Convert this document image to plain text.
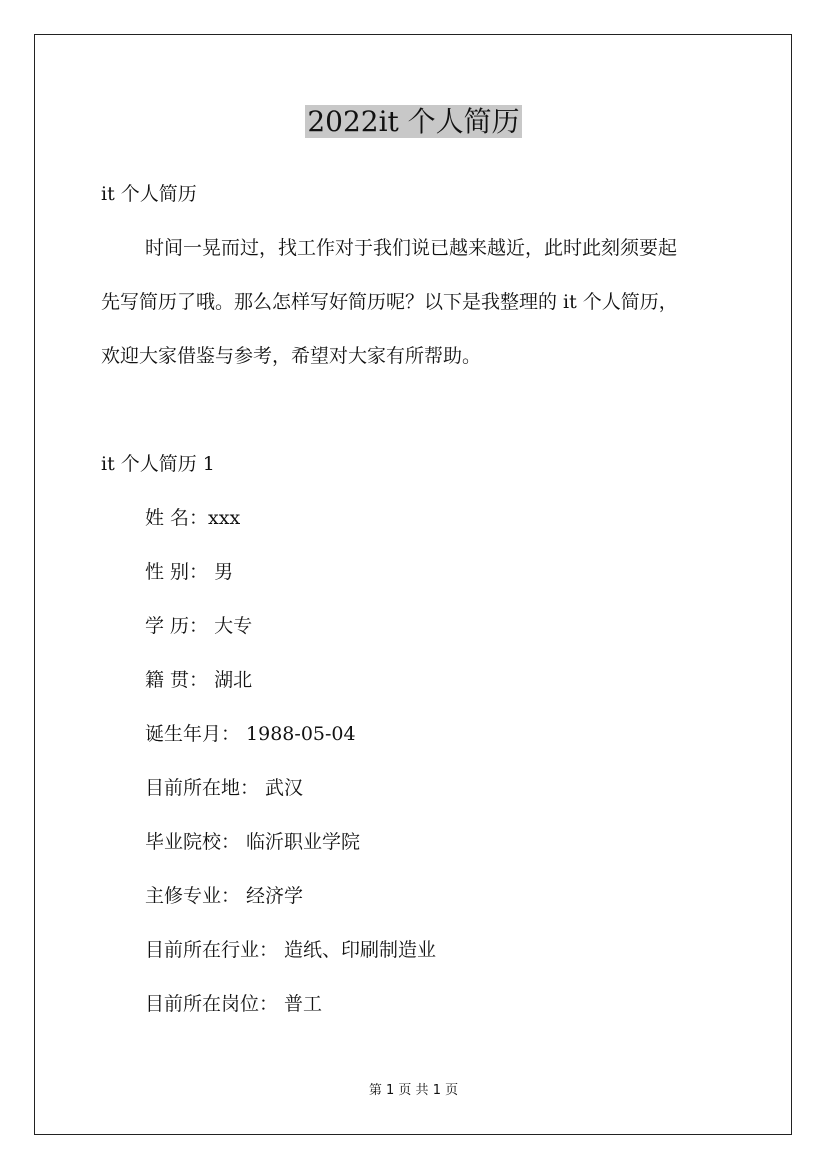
2022it 个人简历
it 个人简历
时间一晃而过，找工作对于我们说已越来越近，此时此刻须要起
先写简历了哦。那么怎样写好简历呢？以下是我整理的 it 个人简历，
欢迎大家借鉴与参考，希望对大家有所帮助。
it 个人简历 1
姓 名：xxx
性 别： 男
学 历： 大专
籍 贯： 湖北
诞生年月： 1988-05-04
目前所在地： 武汉
毕业院校： 临沂职业学院
主修专业： 经济学
目前所在行业： 造纸、印刷制造业
目前所在岗位： 普工
第 1 页 共 1 页
